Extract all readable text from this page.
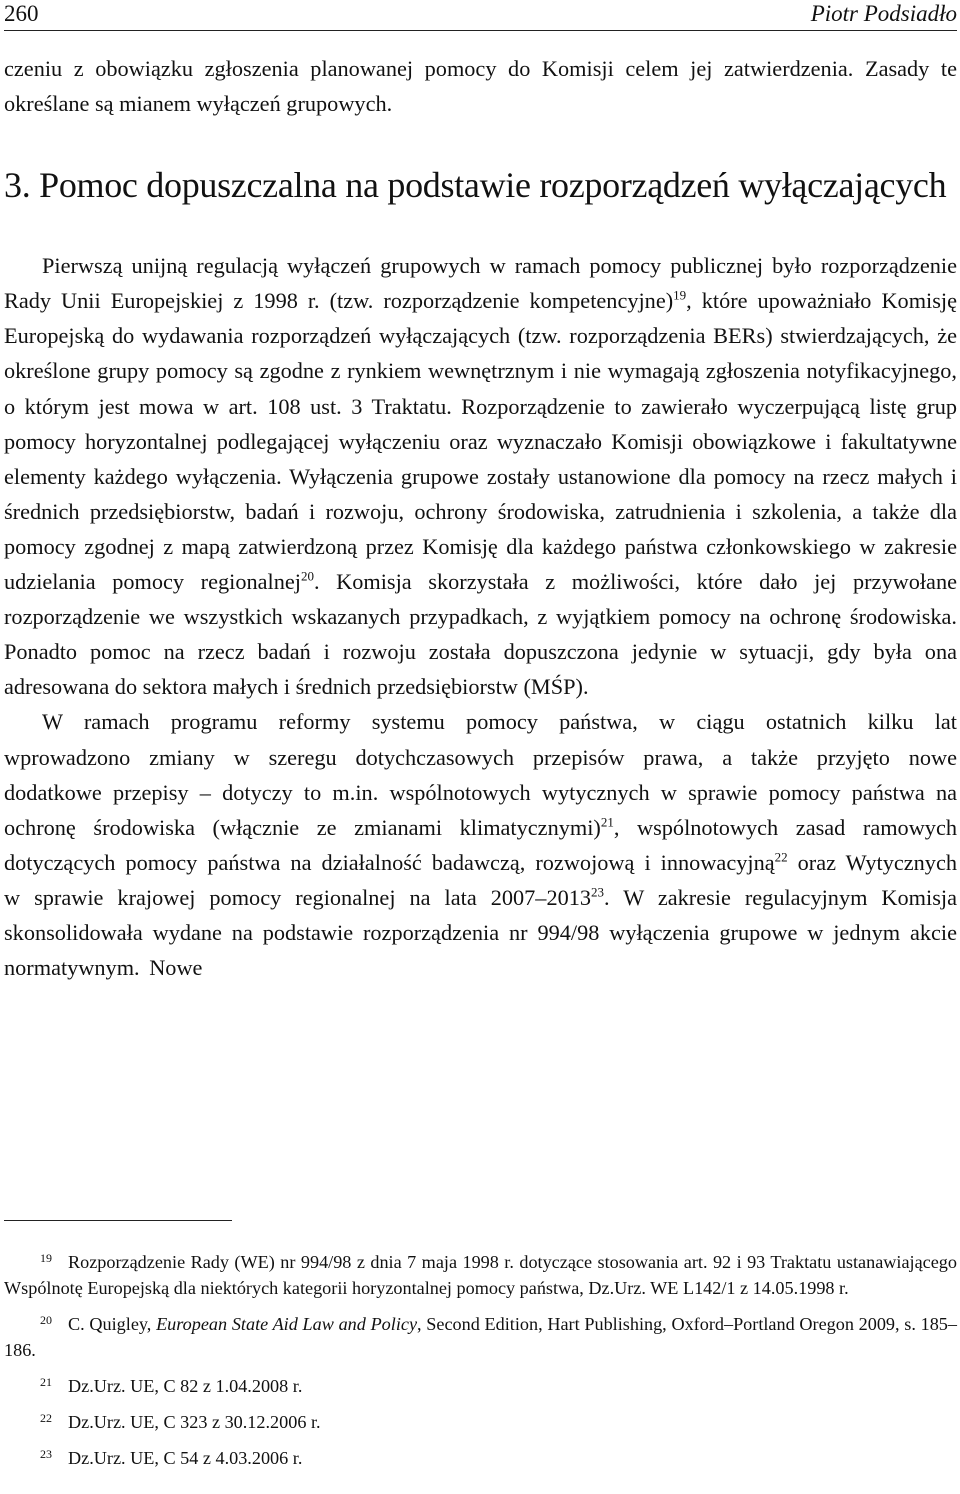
260	Piotr Podsiadło

czeniu z obowiązku zgłoszenia planowanej pomocy do Komisji celem jej zatwierdzenia. Zasady te określane są mianem wyłączeń grupowych.

3. Pomoc dopuszczalna na podstawie rozporządzeń wyłączających

Pierwszą unijną regulacją wyłączeń grupowych w ramach pomocy publicznej było rozporządzenie Rady Unii Europejskiej z 1998 r. (tzw. rozporządzenie kompetencyjne)$^{19}$, które upoważniało Komisję Europejską do wydawania rozporządzeń wyłączających (tzw. rozporządzenia BERs) stwierdzających, że określone grupy pomocy są zgodne z rynkiem wewnętrznym i nie wymagają zgłoszenia notyfikacyjnego, o którym jest mowa w art. 108 ust. 3 Traktatu. Rozporządzenie to zawierało wyczerpującą listę grup pomocy horyzontalnej podlegającej wyłączeniu oraz wyznaczało Komisji obowiązkowe i fakultatywne elementy każdego wyłączenia. Wyłączenia grupowe zostały ustanowione dla pomocy na rzecz małych i średnich przedsiębiorstw, badań i rozwoju, ochrony środowiska, zatrudnienia i szkolenia, a także dla pomocy zgodnej z mapą zatwierdzoną przez Komisję dla każdego państwa członkowskiego w zakresie udzielania pomocy regionalnej$^{20}$. Komisja skorzystała z możliwości, które dało jej przywołane rozporządzenie we wszystkich wskazanych przypadkach, z wyjątkiem pomocy na ochronę środowiska. Ponadto pomoc na rzecz badań i rozwoju została dopuszczona jedynie w sytuacji, gdy była ona adresowana do sektora małych i średnich przedsiębiorstw (MŚP).

W ramach programu reformy systemu pomocy państwa, w ciągu ostatnich kilku lat wprowadzono zmiany w szeregu dotychczasowych przepisów prawa, a także przyjęto nowe dodatkowe przepisy – dotyczy to m.in. wspólnotowych wytycznych w sprawie pomocy państwa na ochronę środowiska (włącznie ze zmianami klimatycznymi)$^{21}$, wspólnotowych zasad ramowych dotyczących pomocy państwa na działalność badawczą, rozwojową i innowacyjną$^{22}$ oraz Wytycznych w sprawie krajowej pomocy regionalnej na lata 2007–2013$^{23}$. W zakresie regulacyjnym Komisja skonsolidowała wydane na podstawie rozporządzenia nr 994/98 wyłączenia grupowe w jednym akcie normatywnym. Nowe

$^{19}$ Rozporządzenie Rady (WE) nr 994/98 z dnia 7 maja 1998 r. dotyczące stosowania art. 92 i 93 Traktatu ustanawiającego Wspólnotę Europejską dla niektórych kategorii horyzontalnej pomocy państwa, Dz.Urz. WE L142/1 z 14.05.1998 r.

$^{20}$ C. Quigley, European State Aid Law and Policy, Second Edition, Hart Publishing, Oxford–Portland Oregon 2009, s. 185–186.

$^{21}$ Dz.Urz. UE, C 82 z 1.04.2008 r.

$^{22}$ Dz.Urz. UE, C 323 z 30.12.2006 r.

$^{23}$ Dz.Urz. UE, C 54 z 4.03.2006 r.
